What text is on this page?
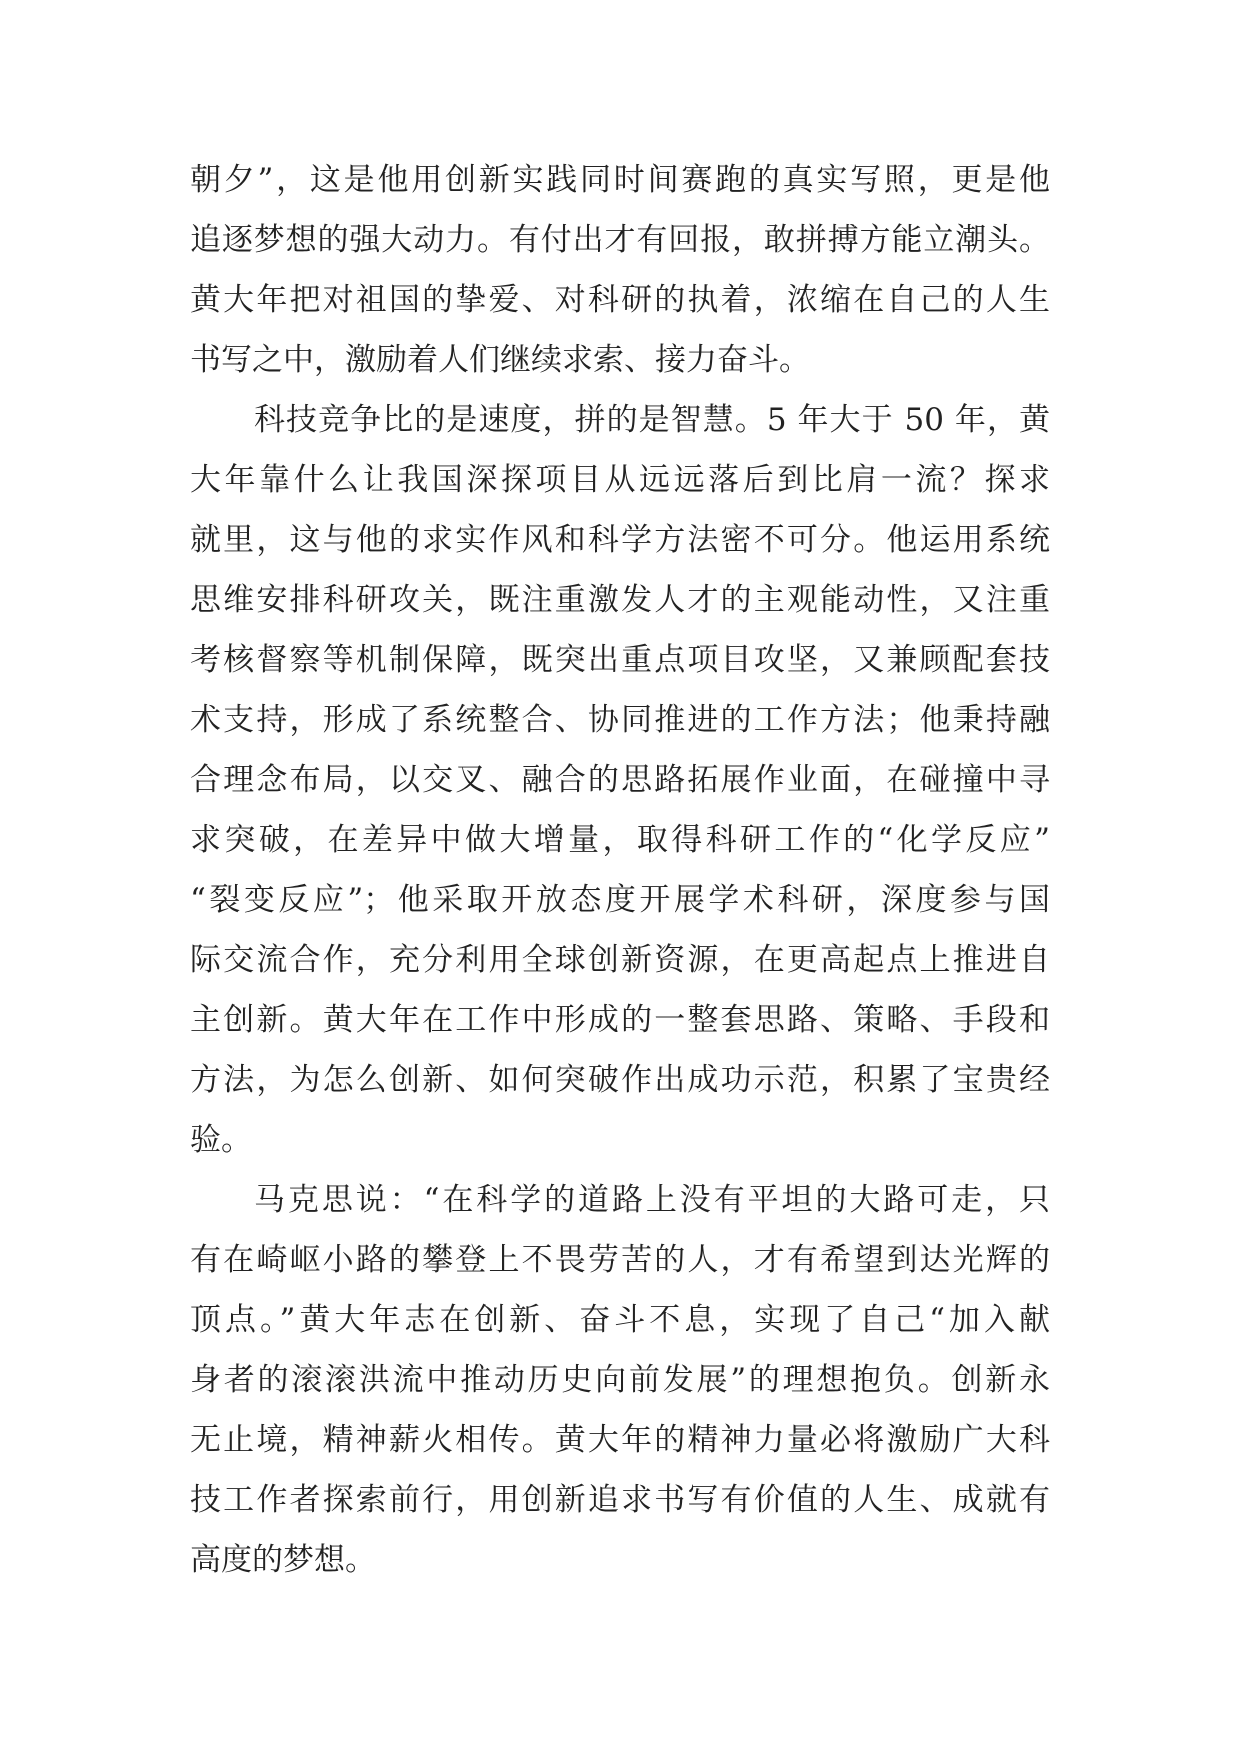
朝夕”，这是他用创新实践同时间赛跑的真实写照，更是他
追逐梦想的强大动力。有付出才有回报，敢拼搏方能立潮头。
黄大年把对祖国的挚爱、对科研的执着，浓缩在自己的人生
书写之中，激励着人们继续求索、接力奋斗。
科技竞争比的是速度，拼的是智慧。5 年大于 50 年，黄
大年靠什么让我国深探项目从远远落后到比肩一流？探求
就里，这与他的求实作风和科学方法密不可分。他运用系统
思维安排科研攻关，既注重激发人才的主观能动性，又注重
考核督察等机制保障，既突出重点项目攻坚，又兼顾配套技
术支持，形成了系统整合、协同推进的工作方法；他秉持融
合理念布局，以交叉、融合的思路拓展作业面，在碰撞中寻
求突破，在差异中做大增量，取得科研工作的“化学反应”
“裂变反应”；他采取开放态度开展学术科研，深度参与国
际交流合作，充分利用全球创新资源，在更高起点上推进自
主创新。黄大年在工作中形成的一整套思路、策略、手段和
方法，为怎么创新、如何突破作出成功示范，积累了宝贵经
验。
马克思说：“在科学的道路上没有平坦的大路可走，只
有在崎岖小路的攀登上不畏劳苦的人，才有希望到达光辉的
顶点。”黄大年志在创新、奋斗不息，实现了自己“加入献
身者的滚滚洪流中推动历史向前发展”的理想抱负。创新永
无止境，精神薪火相传。黄大年的精神力量必将激励广大科
技工作者探索前行，用创新追求书写有价值的人生、成就有
高度的梦想。
